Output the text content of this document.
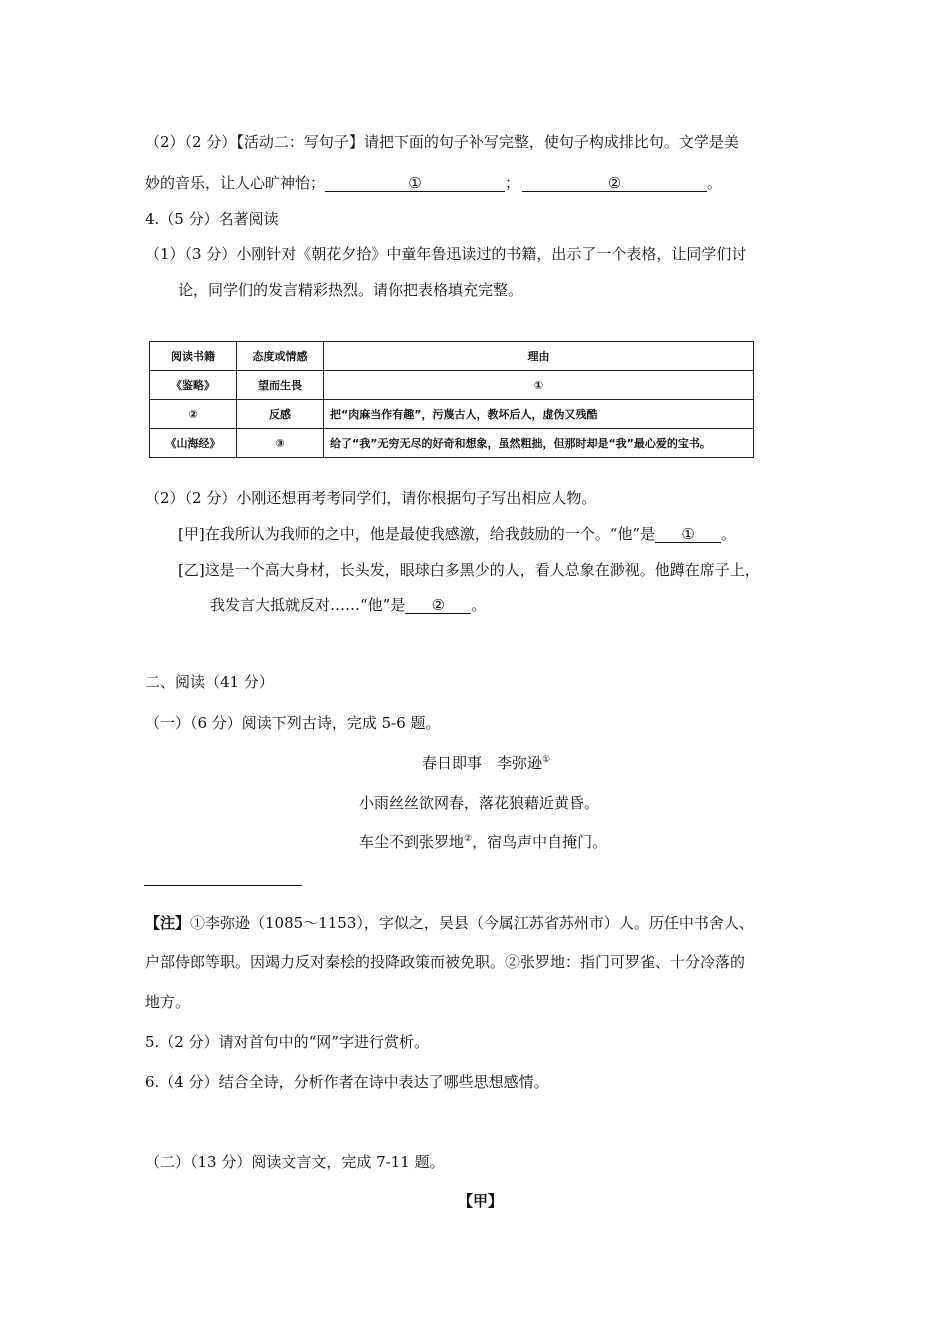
（2）（2 分）【活动二：写句子】请把下面的句子补写完整，使句子构成排比句。文学是美
妙的音乐，让人心旷神怡；	①	；	②	。
4.（5 分）名著阅读
（1）（3 分）小刚针对《朝花夕拾》中童年鲁迅读过的书籍，出示了一个表格，让同学们讨
论，同学们的发言精彩热烈。请你把表格填充完整。
阅读书籍	态度或情感	理由
《鉴略》	望而生畏	①
②	反感	把“肉麻当作有趣”，污蔑古人，教坏后人，虚伪又残酷
《山海经》	③	给了“我”无穷无尽的好奇和想象，虽然粗拙，但那时却是“我”最心爱的宝书。
（2）（2 分）小刚还想再考考同学们，请你根据句子写出相应人物。
[甲]在我所认为我师的之中，他是最使我感激，给我鼓励的一个。“他”是 ① 。
[乙]这是一个高大身材，长头发，眼球白多黑少的人，看人总象在渺视。他蹲在席子上，
我发言大抵就反对……“他”是 ② 。
二、阅读（41 分）
（一）（6 分）阅读下列古诗，完成 5-6 题。
春日即事　李弥逊①
小雨丝丝欲网春，落花狼藉近黄昏。
车尘不到张罗地②，宿鸟声中自掩门。
【注】①李弥逊（1085～1153），字似之，吴县（今属江苏省苏州市）人。历任中书舍人、
户部侍郎等职。因竭力反对秦桧的投降政策而被免职。②张罗地：指门可罗雀、十分冷落的
地方。
5.（2 分）请对首句中的“网”字进行赏析。
6.（4 分）结合全诗，分析作者在诗中表达了哪些思想感情。
（二）（13 分）阅读文言文，完成 7-11 题。
【甲】
